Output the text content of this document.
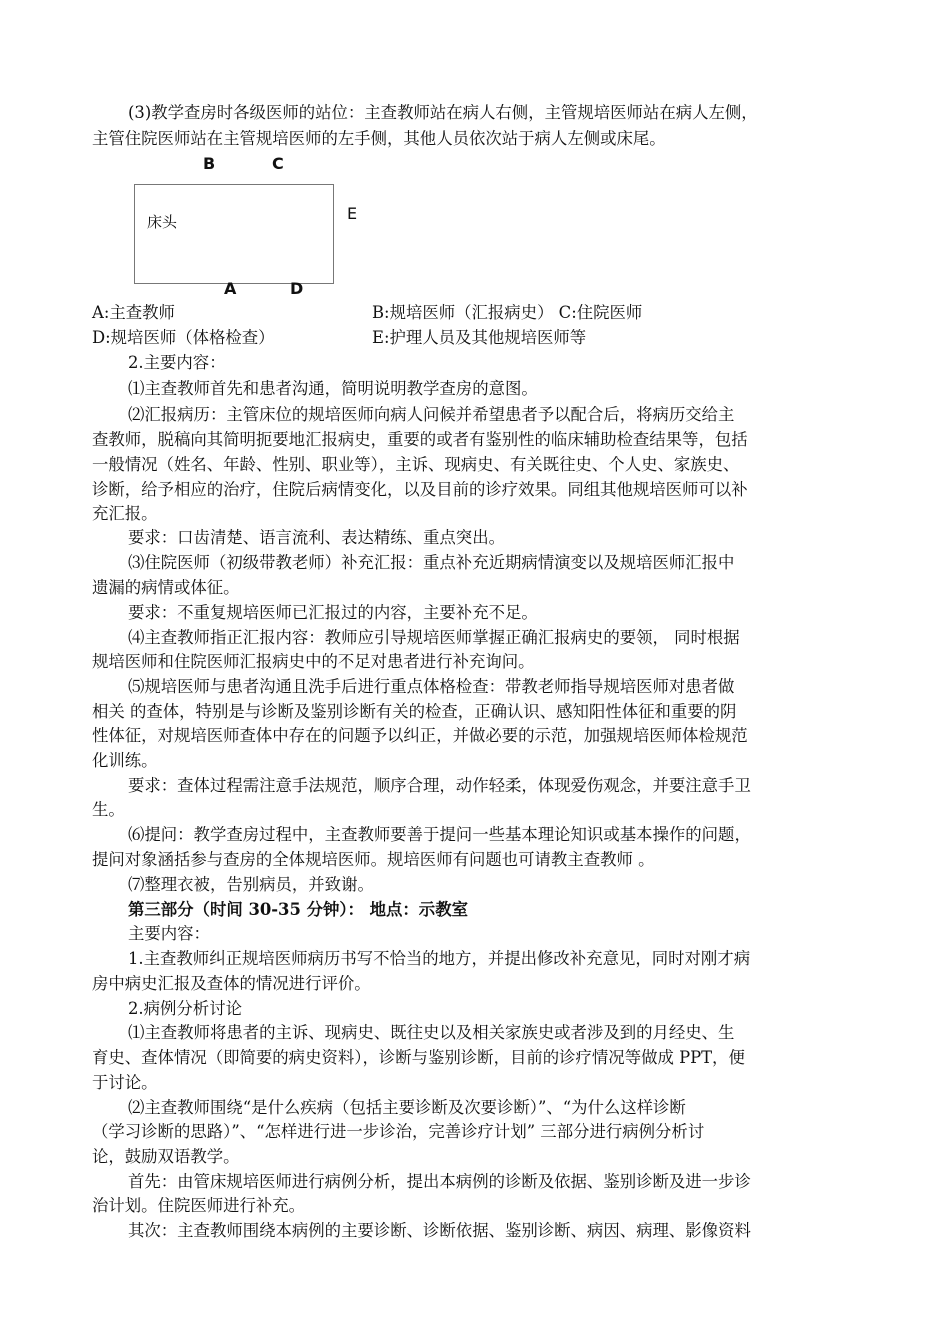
(3)教学查房时各级医师的站位：主查教师站在病人右侧，主管规培医师站在病人左侧，
主管住院医师站在主管规培医师的左手侧，其他人员依次站于病人左侧或床尾。
B	C
E
床头
A	D
A:主查教师	B:规培医师（汇报病史） C:住院医师
D:规培医师（体格检查）	E:护理人员及其他规培医师等
2.主要内容：
⑴主查教师首先和患者沟通，简明说明教学查房的意图。
⑵汇报病历：主管床位的规培医师向病人问候并希望患者予以配合后，将病历交给主
查教师，脱稿向其简明扼要地汇报病史，重要的或者有鉴别性的临床辅助检查结果等，包括
一般情况（姓名、年龄、性别、职业等），主诉、现病史、有关既往史、个人史、家族史、
诊断，给予相应的治疗，住院后病情变化，以及目前的诊疗效果。同组其他规培医师可以补
充汇报。
要求：口齿清楚、语言流利、表达精练、重点突出。
⑶住院医师（初级带教老师）补充汇报：重点补充近期病情演变以及规培医师汇报中
遗漏的病情或体征。
要求：不重复规培医师已汇报过的内容，主要补充不足。
⑷主查教师指正汇报内容：教师应引导规培医师掌握正确汇报病史的要领， 同时根据
规培医师和住院医师汇报病史中的不足对患者进行补充询问。
⑸规培医师与患者沟通且洗手后进行重点体格检查：带教老师指导规培医师对患者做
相关 的查体，特别是与诊断及鉴别诊断有关的检查，正确认识、感知阳性体征和重要的阴
性体征，对规培医师查体中存在的问题予以纠正，并做必要的示范，加强规培医师体检规范
化训练。
要求：查体过程需注意手法规范，顺序合理，动作轻柔，体现爱伤观念，并要注意手卫
生。
⑹提问：教学查房过程中，主查教师要善于提问一些基本理论知识或基本操作的问题，
提问对象涵括参与查房的全体规培医师。规培医师有问题也可请教主查教师 。
⑺整理衣被，告别病员，并致谢。
第三部分（时间 30-35 分钟）： 地点：示教室
主要内容：
1.主查教师纠正规培医师病历书写不恰当的地方，并提出修改补充意见，同时对刚才病
房中病史汇报及查体的情况进行评价。
2.病例分析讨论
⑴主查教师将患者的主诉、现病史、既往史以及相关家族史或者涉及到的月经史、生
育史、查体情况（即简要的病史资料），诊断与鉴别诊断，目前的诊疗情况等做成 PPT，便
于讨论。
⑵主查教师围绕“是什么疾病（包括主要诊断及次要诊断）”、“为什么这样诊断
（学习诊断的思路）”、“怎样进行进一步诊治，完善诊疗计划” 三部分进行病例分析讨
论，鼓励双语教学。
首先：由管床规培医师进行病例分析，提出本病例的诊断及依据、鉴别诊断及进一步诊
治计划。住院医师进行补充。
其次：主查教师围绕本病例的主要诊断、诊断依据、鉴别诊断、病因、病理、影像资料
